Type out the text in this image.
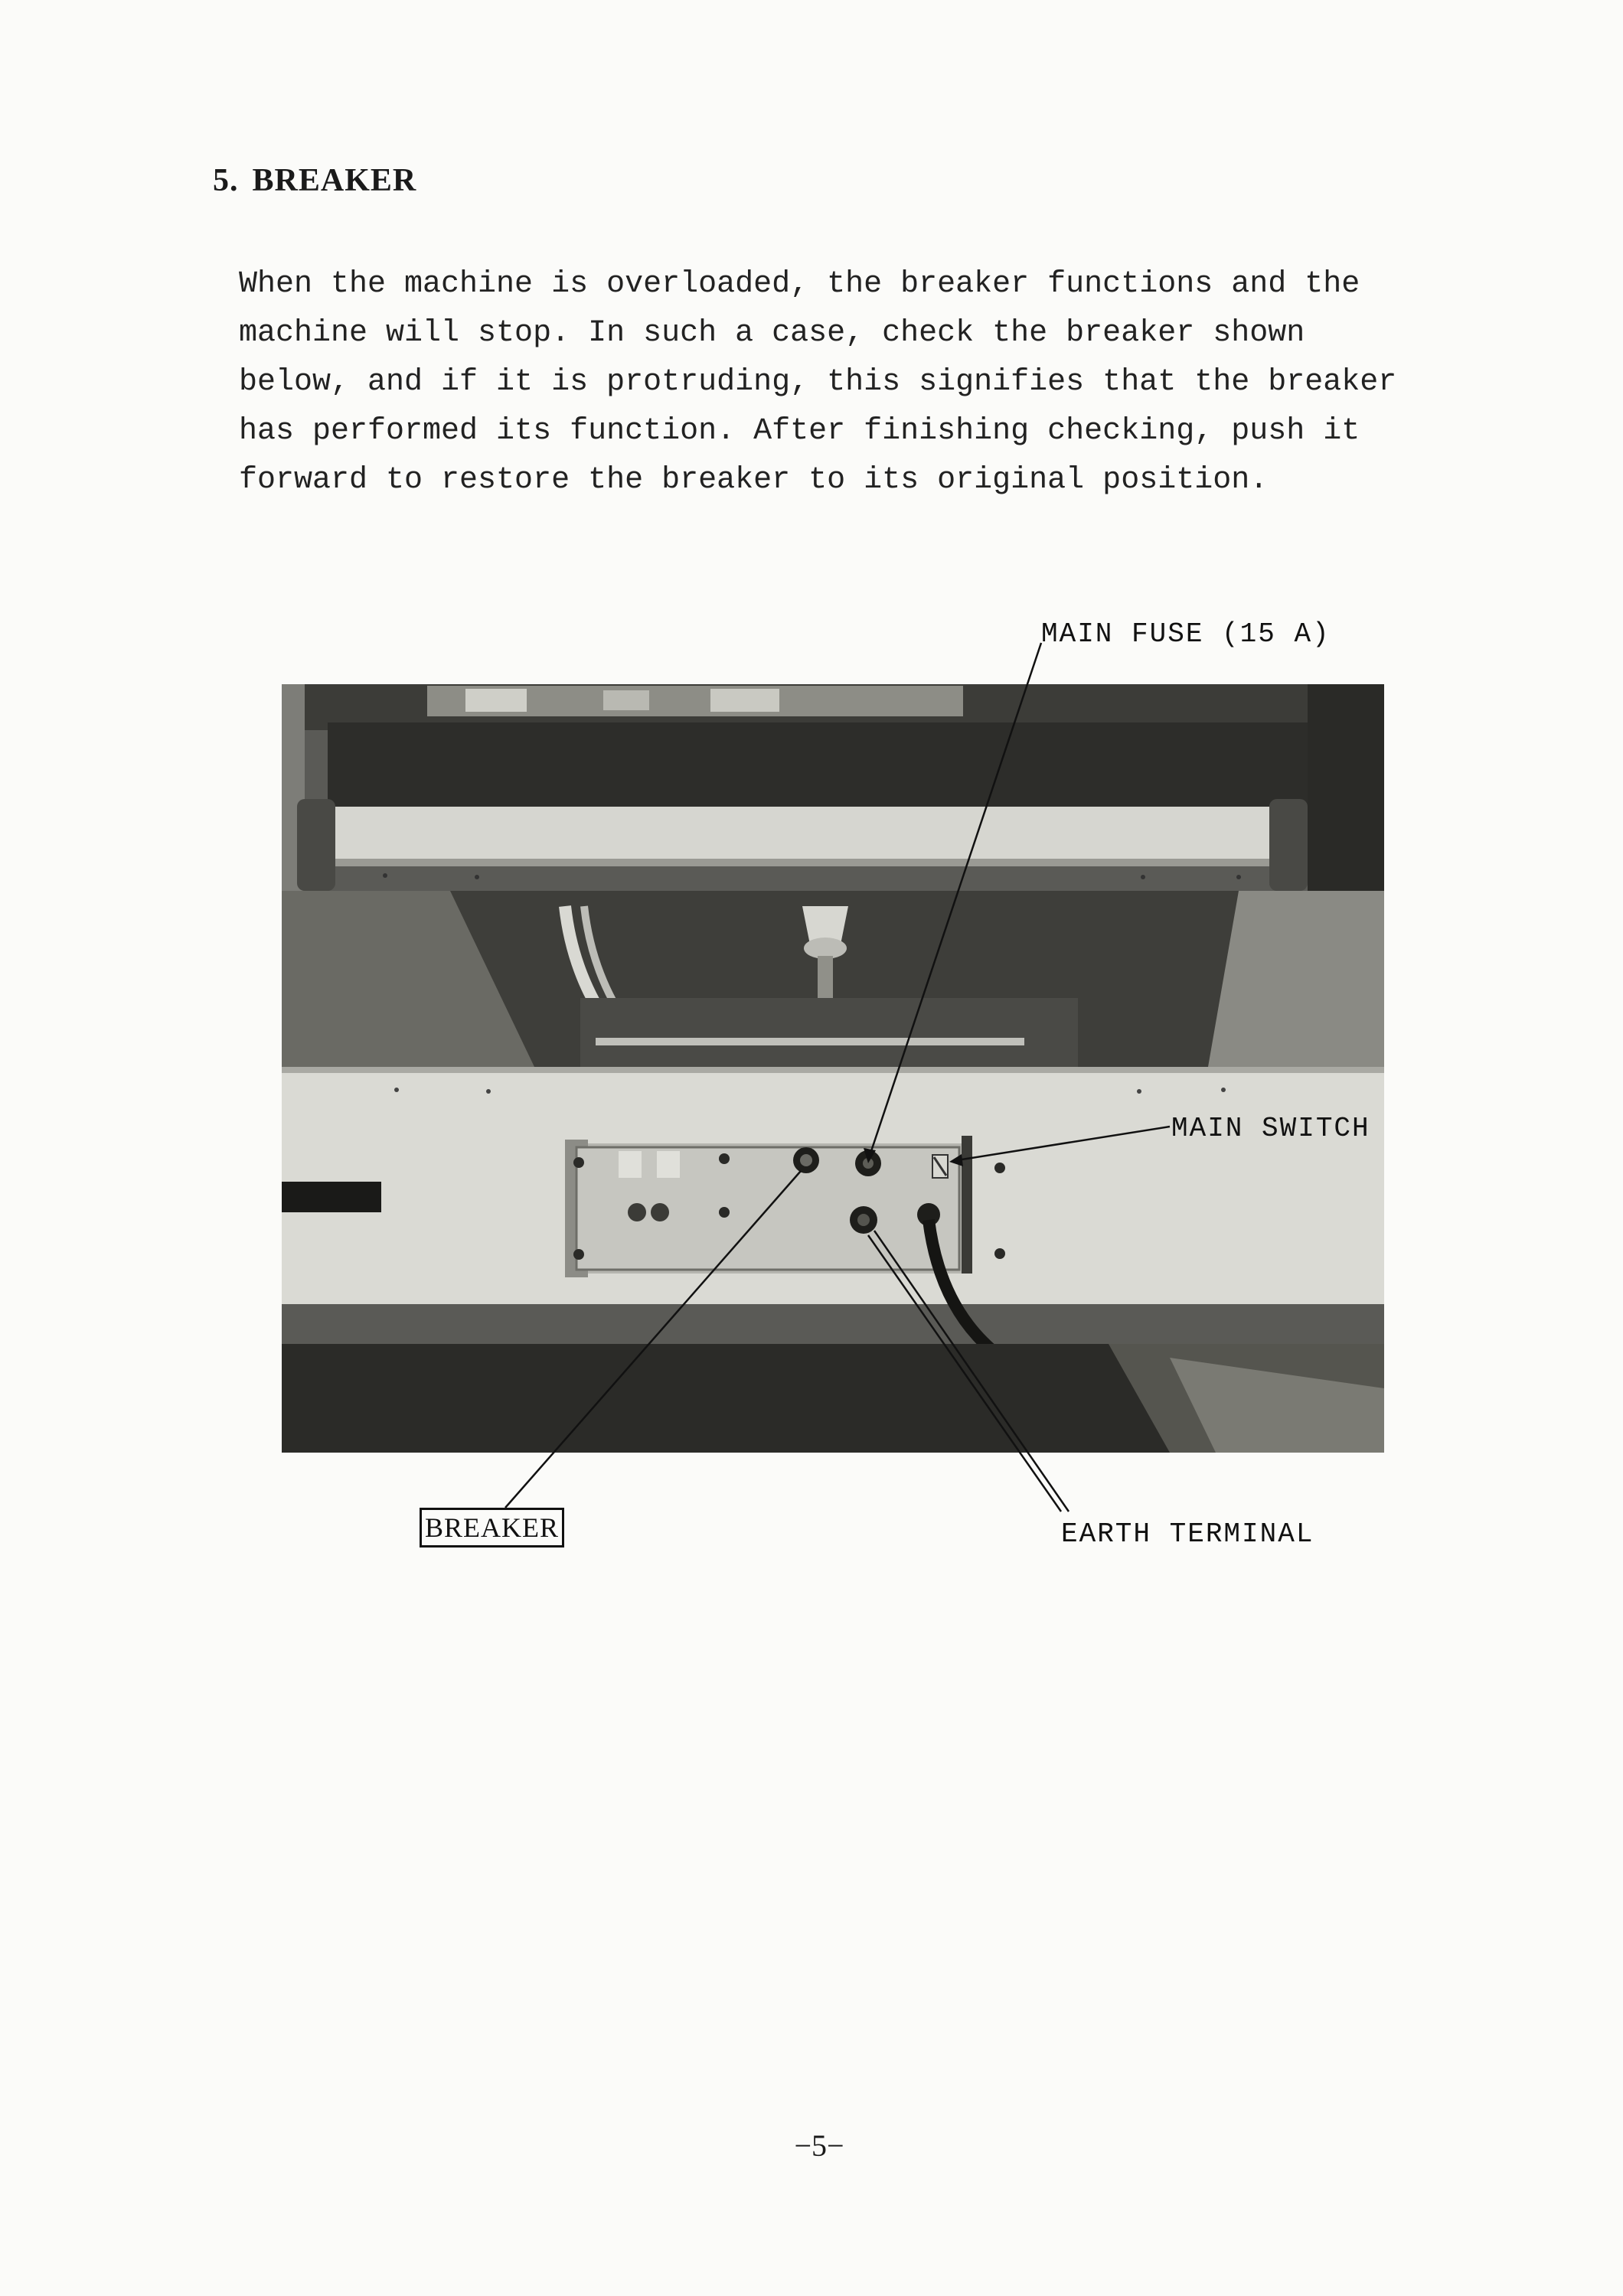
5. BREAKER

When the machine is overloaded, the breaker functions and the machine will stop. In such a case, check the breaker shown below, and if it is protruding, this signifies that the breaker has performed its function. After finishing checking, push it forward to restore the breaker to its original position.

MAIN FUSE (15 A)
MAIN SWITCH
BREAKER	EARTH TERMINAL
−5−
